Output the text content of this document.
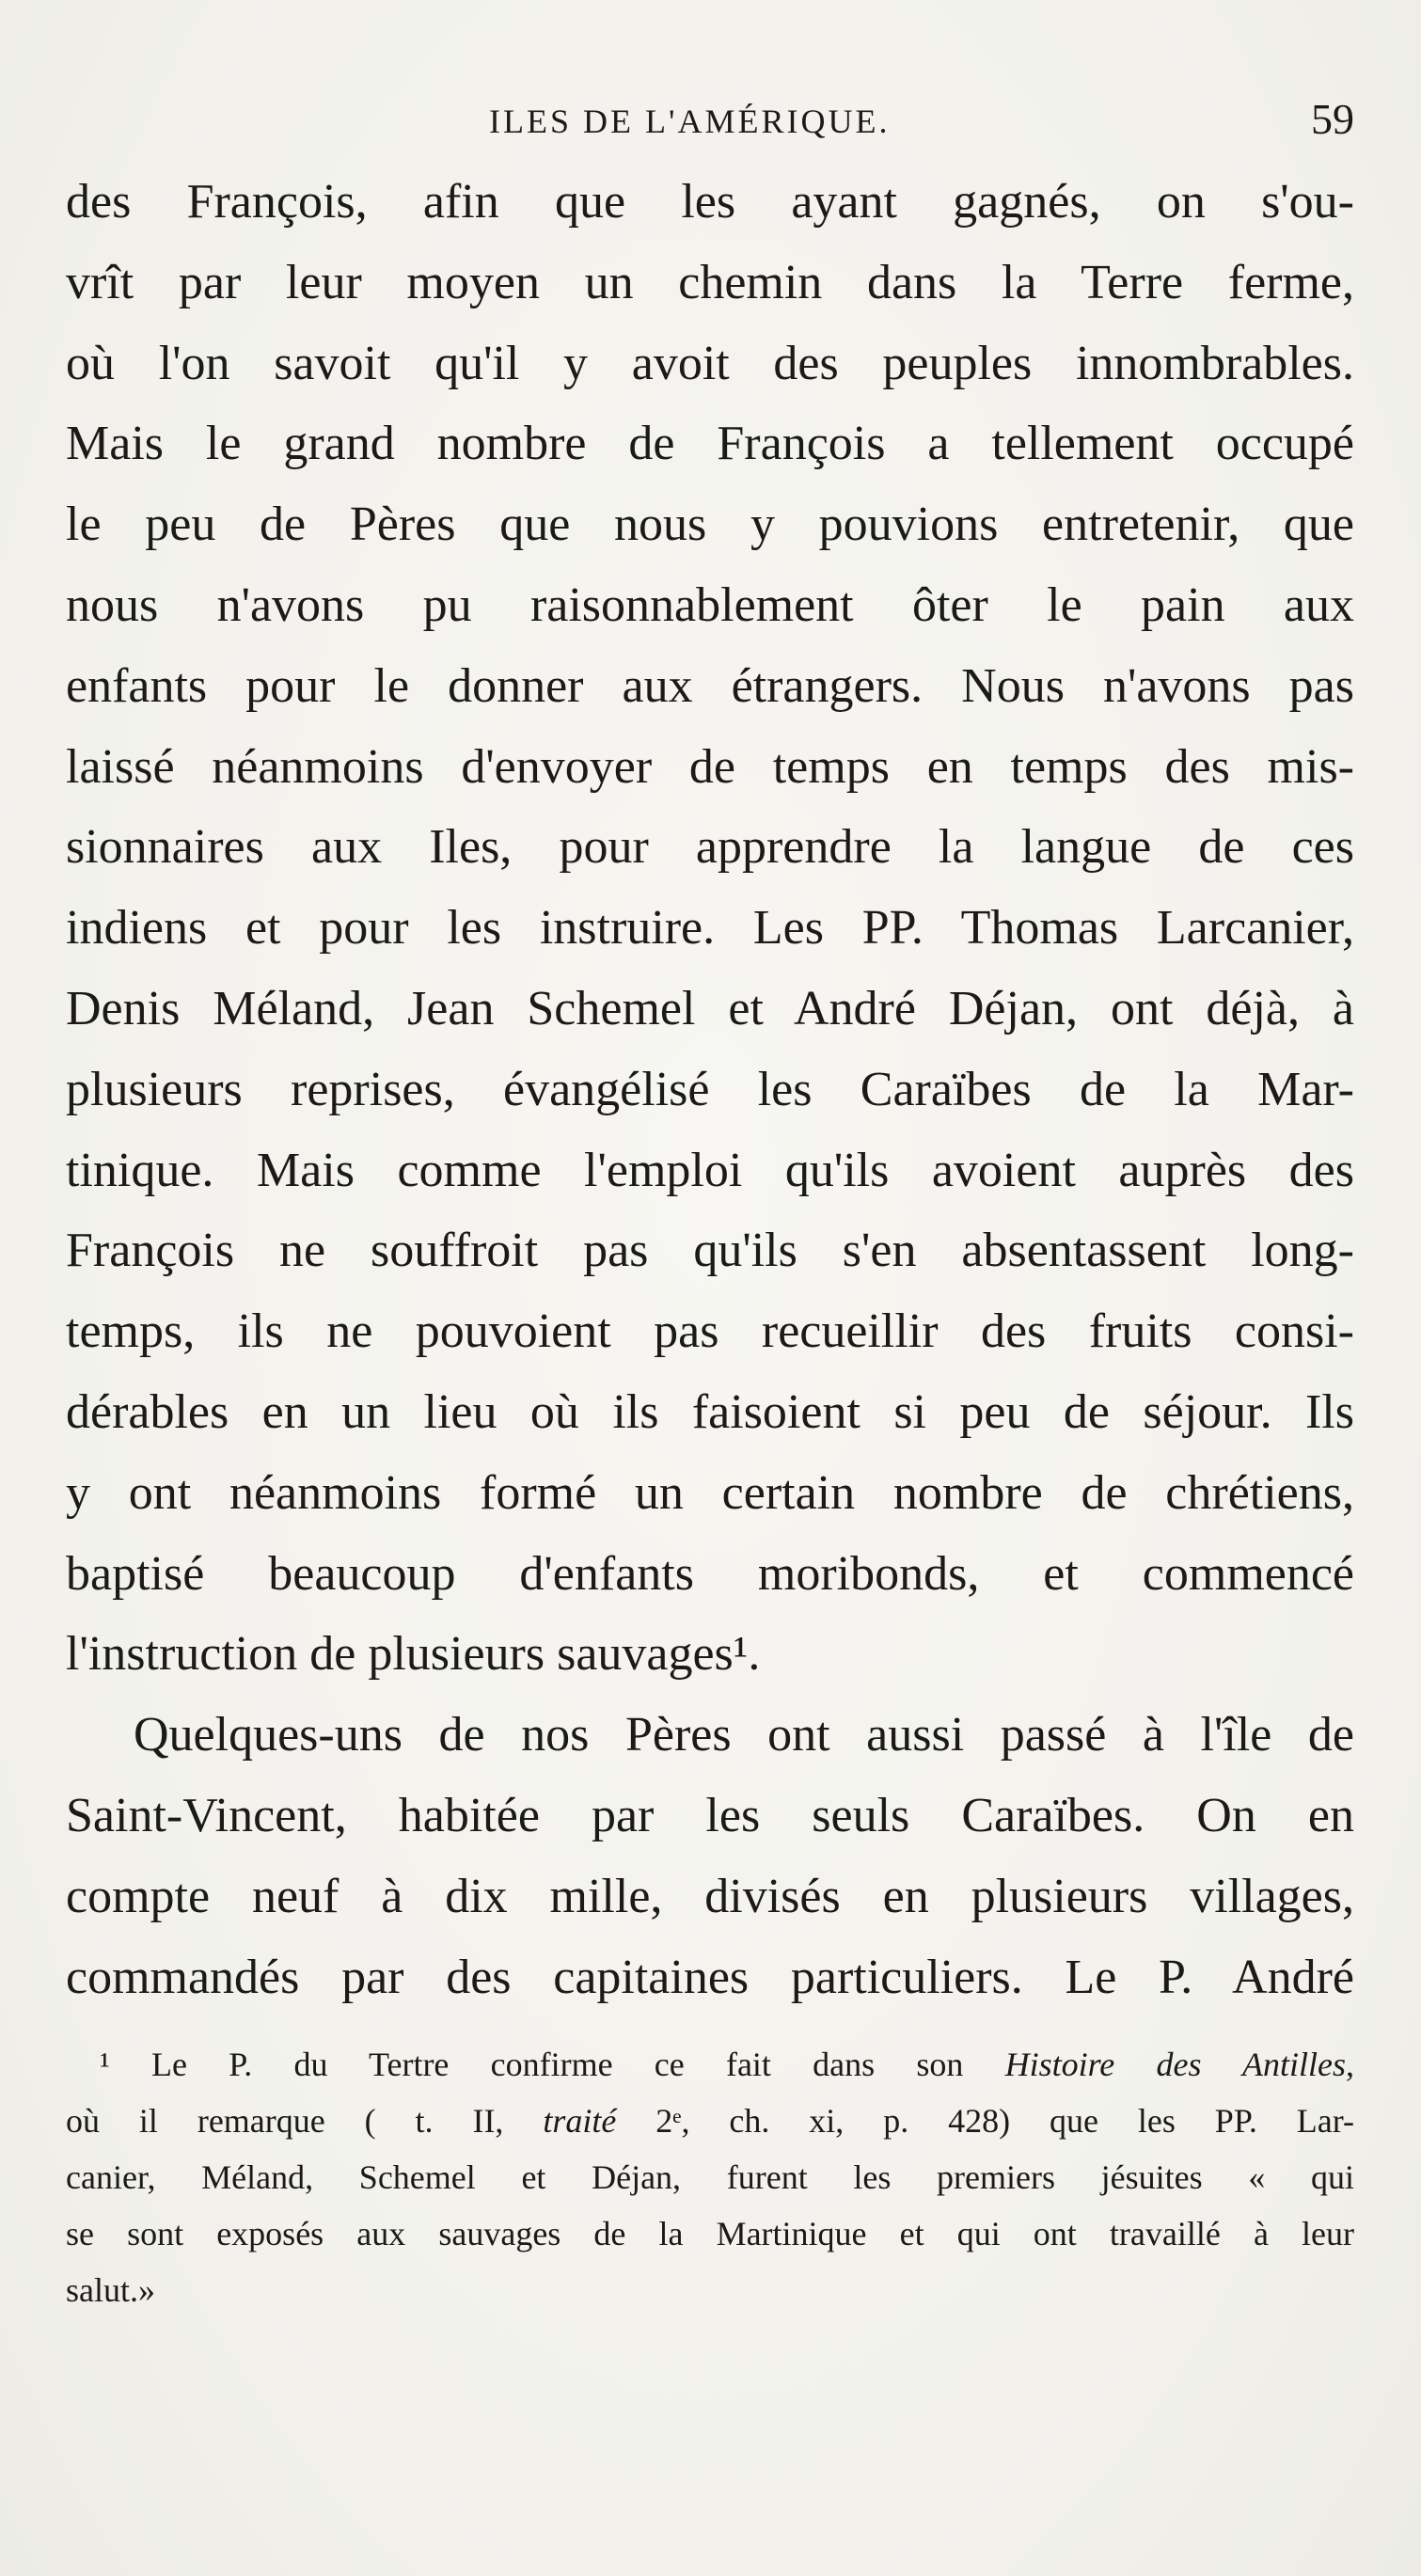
ILES DE L'AMÉRIQUE.	59
des François, afin que les ayant gagnés, on s'ou-
vrît par leur moyen un chemin dans la Terre ferme,
où l'on savoit qu'il y avoit des peuples innombrables.
Mais le grand nombre de François a tellement occupé
le peu de Pères que nous y pouvions entretenir, que
nous n'avons pu raisonnablement ôter le pain aux
enfants pour le donner aux étrangers. Nous n'avons pas
laissé néanmoins d'envoyer de temps en temps des mis-
sionnaires aux Iles, pour apprendre la langue de ces
indiens et pour les instruire. Les PP. Thomas Larcanier,
Denis Méland, Jean Schemel et André Déjan, ont déjà, à
plusieurs reprises, évangélisé les Caraïbes de la Mar-
tinique. Mais comme l'emploi qu'ils avoient auprès des
François ne souffroit pas qu'ils s'en absentassent long-
temps, ils ne pouvoient pas recueillir des fruits consi-
dérables en un lieu où ils faisoient si peu de séjour. Ils
y ont néanmoins formé un certain nombre de chrétiens,
baptisé beaucoup d'enfants moribonds, et commencé
l'instruction de plusieurs sauvages¹.
Quelques-uns de nos Pères ont aussi passé à l'île de
Saint-Vincent, habitée par les seuls Caraïbes. On en
compte neuf à dix mille, divisés en plusieurs villages,
commandés par des capitaines particuliers. Le P. André
¹ Le P. du Tertre confirme ce fait dans son Histoire des Antilles,
où il remarque ( t. II, traité 2ᵉ, ch. xi, p. 428) que les PP. Lar-
canier, Méland, Schemel et Déjan, furent les premiers jésuites « qui
se sont exposés aux sauvages de la Martinique et qui ont travaillé à leur
salut.»
